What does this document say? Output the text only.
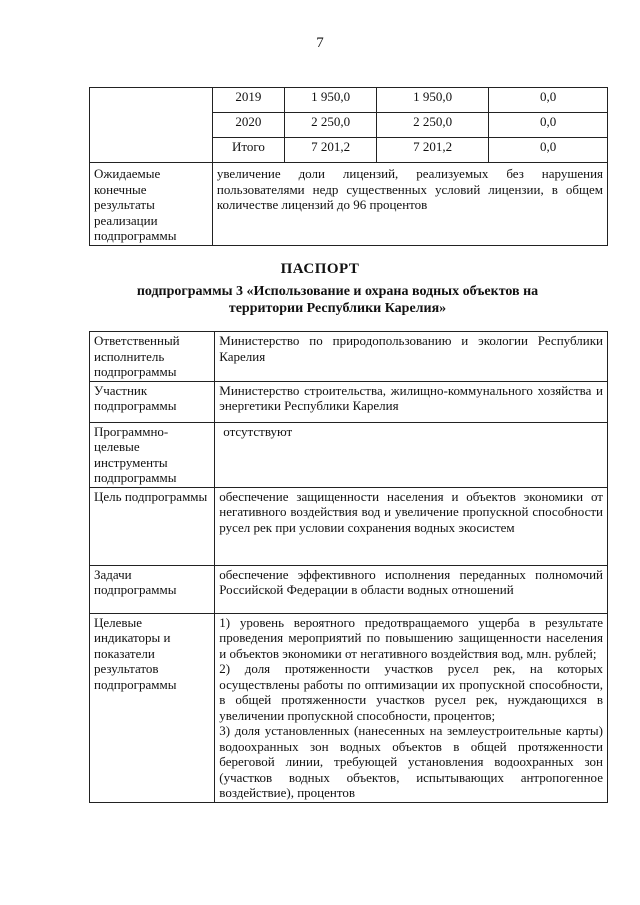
7
	2019	1 950,0	1 950,0	0,0
	2020	2 250,0	2 250,0	0,0
	Итого	7 201,2	7 201,2	0,0
Ожидаемые конечные результаты реализации подпрограммы	увеличение доли лицензий, реализуемых без нарушения пользователями недр существенных условий лицензии, в общем количестве лицензий до 96 процентов			
ПАСПОРТ
подпрограммы 3 «Использование и охрана водных объектов на территории Республики Карелия»
Ответственный исполнитель подпрограммы	Министерство по природопользованию и экологии Республики Карелия
Участник подпрограммы	Министерство строительства, жилищно-коммунального хозяйства и энергетики Республики Карелия
Программно-целевые инструменты подпрограммы	отсутствуют
Цель подпрограммы	обеспечение защищенности населения и объектов экономики от негативного воздействия вод и увеличение пропускной способности русел рек при условии сохранения водных экосистем
Задачи подпрограммы	обеспечение эффективного исполнения переданных полномочий Российской Федерации в области водных отношений
Целевые индикаторы и показатели результатов подпрограммы	1) уровень вероятного предотвращаемого ущерба в результате проведения мероприятий по повышению защищенности населения и объектов экономики от негативного воздействия вод, млн. рублей;

2) доля протяженности участков русел рек, на которых осуществлены работы по оптимизации их пропускной способности, в общей протяженности участков русел рек, нуждающихся в увеличении пропускной способности, процентов;

3) доля установленных (нанесенных на землеустроительные карты) водоохранных зон водных объектов в общей протяженности береговой линии, требующей установления водоохранных зон (участков водных объектов, испытывающих антропогенное воздействие), процентов
